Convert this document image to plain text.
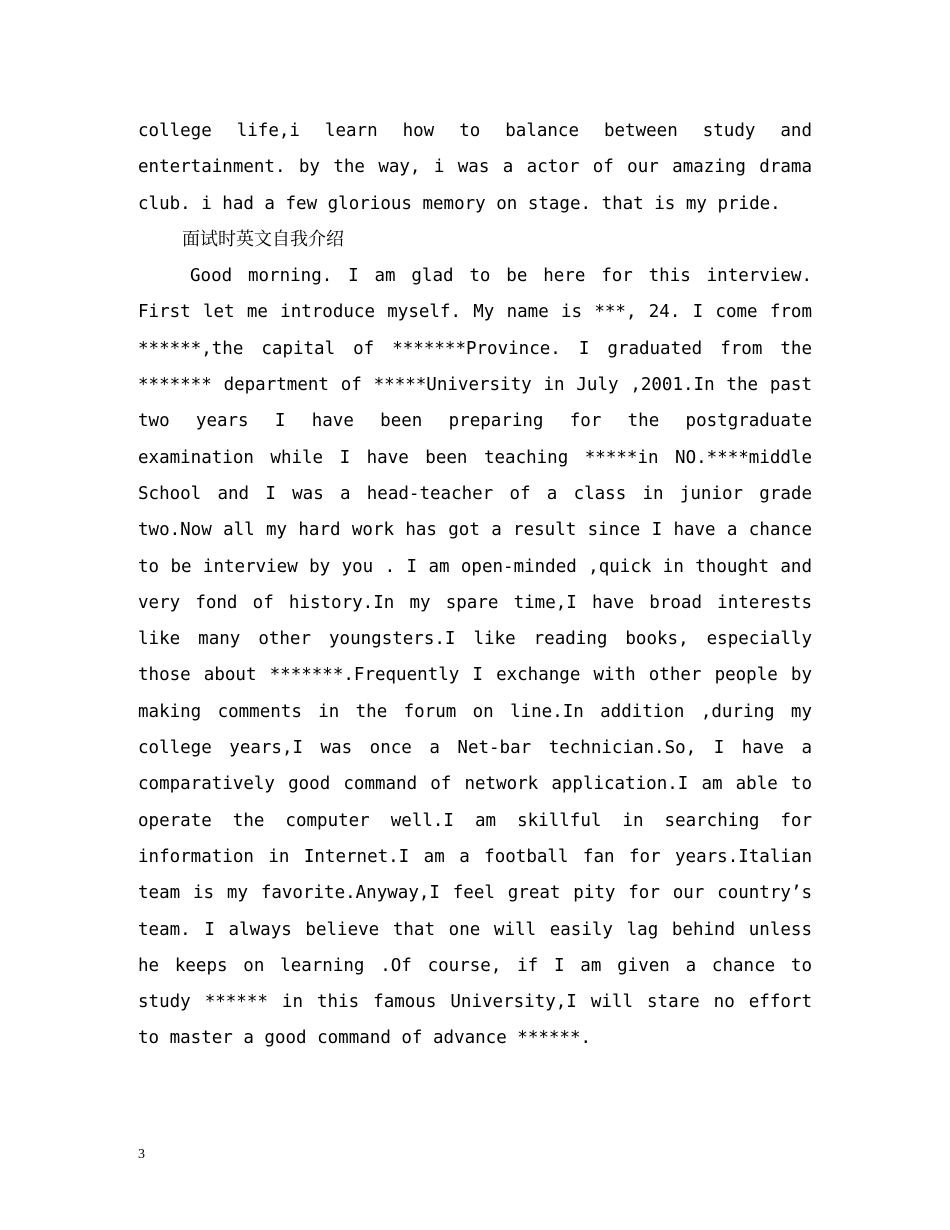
college life,i learn how to balance between study and entertainment. by the way, i was a actor of our amazing drama club. i had a few glorious memory on stage. that is my pride.

面试时英文自我介绍

Good morning. I am glad to be here for this interview. First let me introduce myself. My name is ***, 24. I come from ******,the capital of *******Province. I graduated from the ******* department of *****University in July ,2001.In the past two years I have been preparing for the postgraduate examination while I have been teaching *****in NO.****middle School and I was a head-teacher of a class in junior grade two.Now all my hard work has got a result since I have a chance to be interview by you . I am open-minded ,quick in thought and very fond of history.In my spare time,I have broad interests like many other youngsters.I like reading books, especially those about *******.Frequently I exchange with other people by making comments in the forum on line.In addition ,during my college years,I was once a Net-bar technician.So, I have a comparatively good command of network application.I am able to operate the computer well.I am skillful in searching for information in Internet.I am a football fan for years.Italian team is my favorite.Anyway,I feel great pity for our country’s team. I always believe that one will easily lag behind unless he keeps on learning .Of course, if I am given a chance to study ****** in this famous University,I will stare no effort to master a good command of advance ******.

3
